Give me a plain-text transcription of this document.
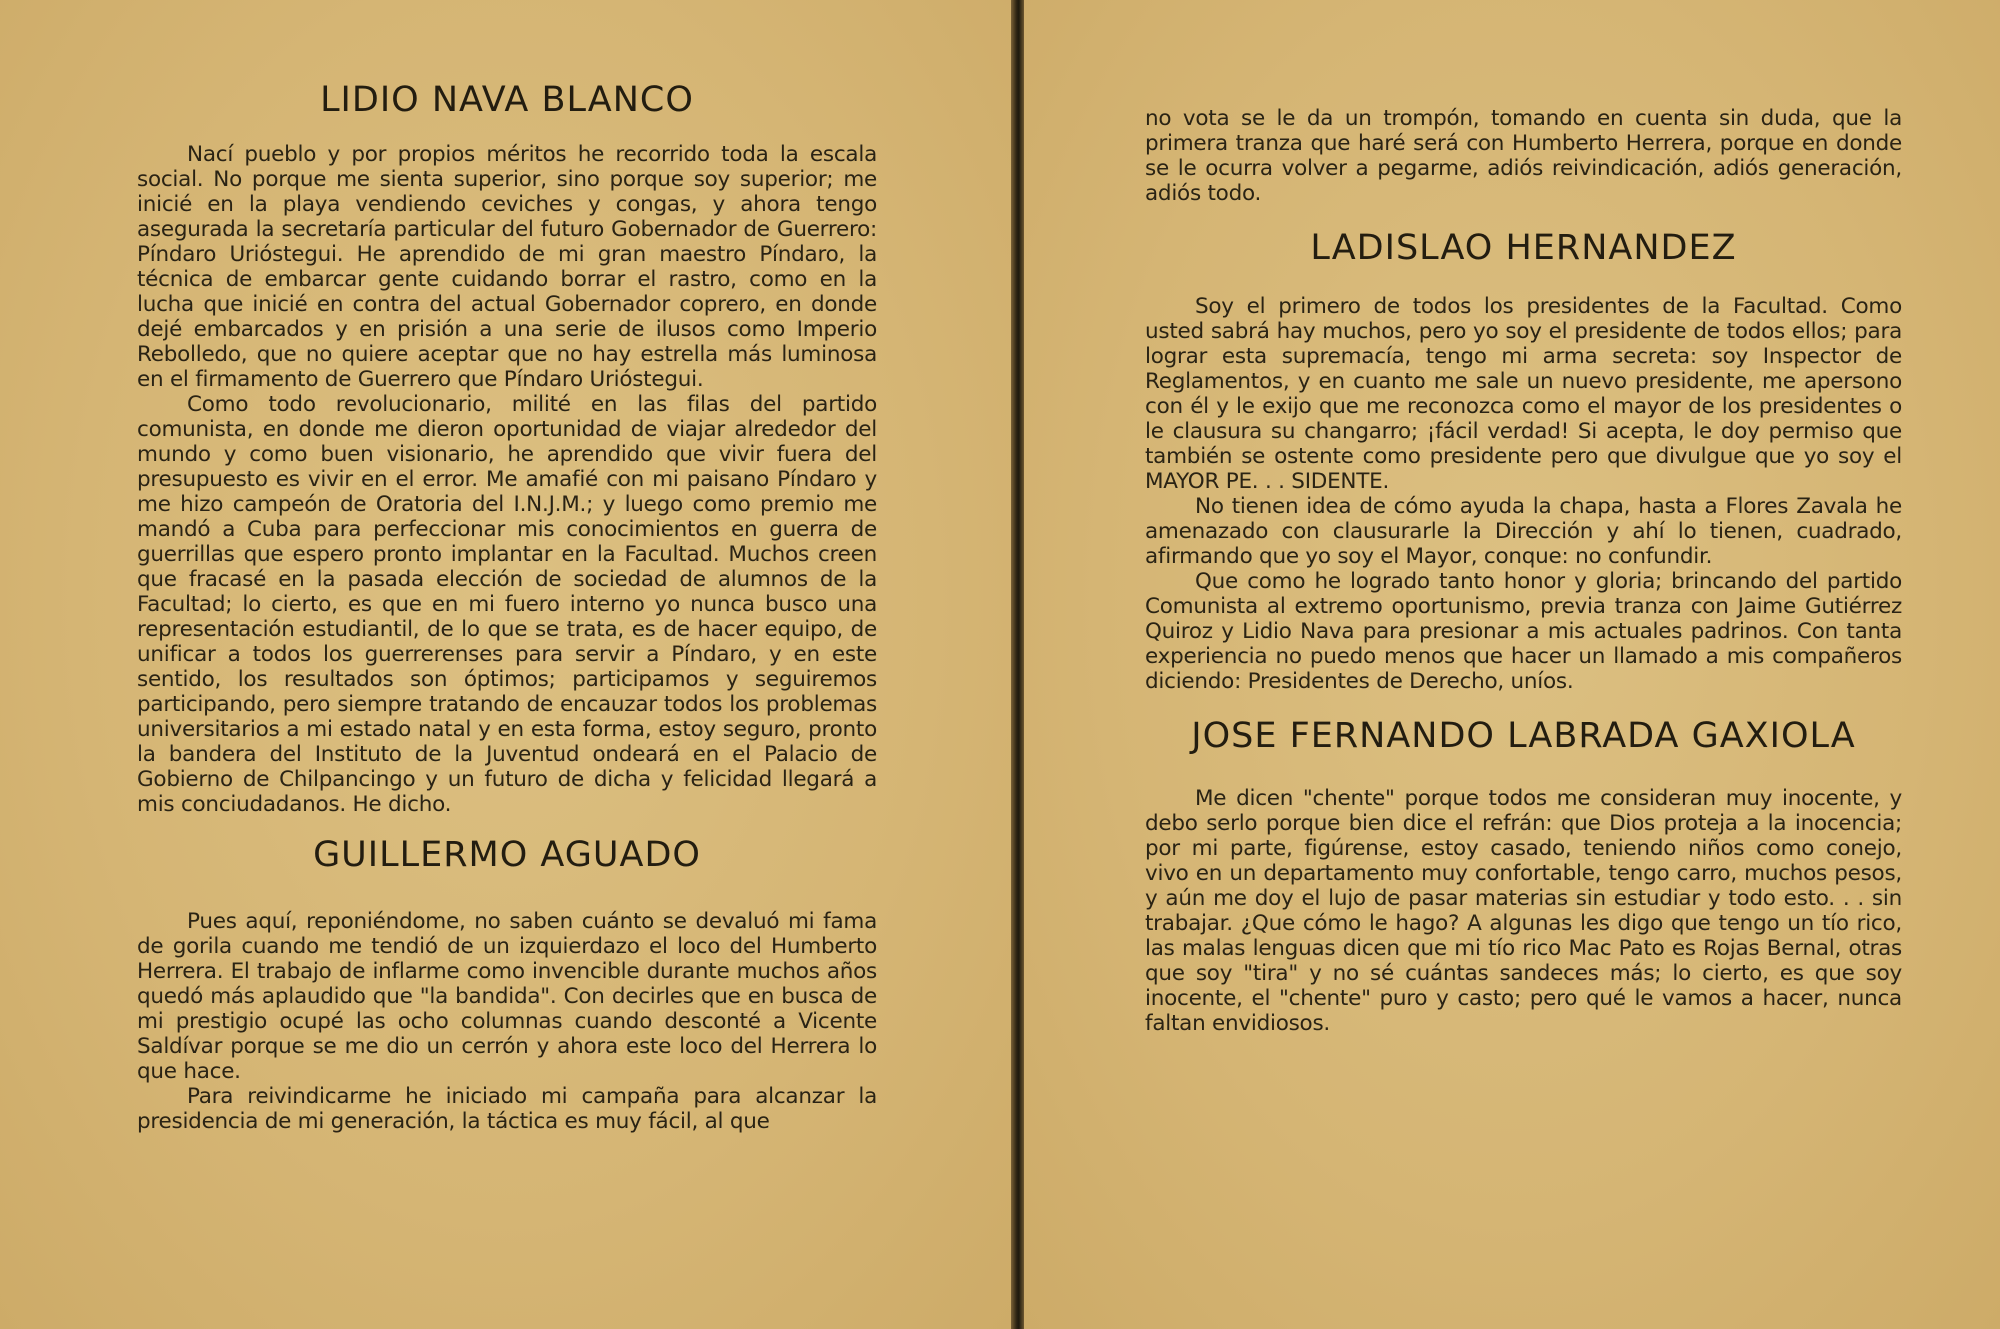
LIDIO NAVA BLANCO

Nací pueblo y por propios méritos he recorrido toda la escala social. No porque me sienta superior, sino porque soy superior; me inicié en la playa vendiendo ceviches y congas, y ahora tengo asegurada la secretaría particular del futuro Gobernador de Guerrero: Píndaro Urióstegui. He aprendido de mi gran maestro Píndaro, la técnica de embarcar gente cuidando borrar el rastro, como en la lucha que inicié en contra del actual Gobernador coprero, en donde dejé embarcados y en prisión a una serie de ilusos como Imperio Rebolledo, que no quiere aceptar que no hay estrella más luminosa en el firmamento de Guerrero que Píndaro Urióstegui.

Como todo revolucionario, milité en las filas del partido comunista, en donde me dieron oportunidad de viajar alrededor del mundo y como buen visionario, he aprendido que vivir fuera del presupuesto es vivir en el error. Me amafié con mi paisano Píndaro y me hizo campeón de Oratoria del I.N.J.M.; y luego como premio me mandó a Cuba para perfeccionar mis conocimientos en guerra de guerrillas que espero pronto implantar en la Facultad. Muchos creen que fracasé en la pasada elección de sociedad de alumnos de la Facultad; lo cierto, es que en mi fuero interno yo nunca busco una representación estudiantil, de lo que se trata, es de hacer equipo, de unificar a todos los guerrerenses para servir a Píndaro, y en este sentido, los resultados son óptimos; participamos y seguiremos participando, pero siempre tratando de encauzar todos los problemas universitarios a mi estado natal y en esta forma, estoy seguro, pronto la bandera del Instituto de la Juventud ondeará en el Palacio de Gobierno de Chilpancingo y un futuro de dicha y felicidad llegará a mis conciudadanos. He dicho.

GUILLERMO AGUADO

Pues aquí, reponiéndome, no saben cuánto se devaluó mi fama de gorila cuando me tendió de un izquierdazo el loco del Humberto Herrera. El trabajo de inflarme como invencible durante muchos años quedó más aplaudido que "la bandida". Con decirles que en busca de mi prestigio ocupé las ocho columnas cuando desconté a Vicente Saldívar porque se me dio un cerrón y ahora este loco del Herrera lo que hace.

Para reivindicarme he iniciado mi campaña para alcanzar la presidencia de mi generación, la táctica es muy fácil, al que

no vota se le da un trompón, tomando en cuenta sin duda, que la primera tranza que haré será con Humberto Herrera, porque en donde se le ocurra volver a pegarme, adiós reivindicación, adiós generación, adiós todo.

LADISLAO HERNANDEZ

Soy el primero de todos los presidentes de la Facultad. Como usted sabrá hay muchos, pero yo soy el presidente de todos ellos; para lograr esta supremacía, tengo mi arma secreta: soy Inspector de Reglamentos, y en cuanto me sale un nuevo presidente, me apersono con él y le exijo que me reconozca como el mayor de los presidentes o le clausura su changarro; ¡fácil verdad! Si acepta, le doy permiso que también se ostente como presidente pero que divulgue que yo soy el MAYOR PE. . . SIDENTE.

No tienen idea de cómo ayuda la chapa, hasta a Flores Zavala he amenazado con clausurarle la Dirección y ahí lo tienen, cuadrado, afirmando que yo soy el Mayor, conque: no confundir.

Que como he logrado tanto honor y gloria; brincando del partido Comunista al extremo oportunismo, previa tranza con Jaime Gutiérrez Quiroz y Lidio Nava para presionar a mis actuales padrinos. Con tanta experiencia no puedo menos que hacer un llamado a mis compañeros diciendo: Presidentes de Derecho, uníos.

JOSE FERNANDO LABRADA GAXIOLA

Me dicen "chente" porque todos me consideran muy inocente, y debo serlo porque bien dice el refrán: que Dios proteja a la inocencia; por mi parte, figúrense, estoy casado, teniendo niños como conejo, vivo en un departamento muy confortable, tengo carro, muchos pesos, y aún me doy el lujo de pasar materias sin estudiar y todo esto. . . sin trabajar. ¿Que cómo le hago? A algunas les digo que tengo un tío rico, las malas lenguas dicen que mi tío rico Mac Pato es Rojas Bernal, otras que soy "tira" y no sé cuántas sandeces más; lo cierto, es que soy inocente, el "chente" puro y casto; pero qué le vamos a hacer, nunca faltan envidiosos.
